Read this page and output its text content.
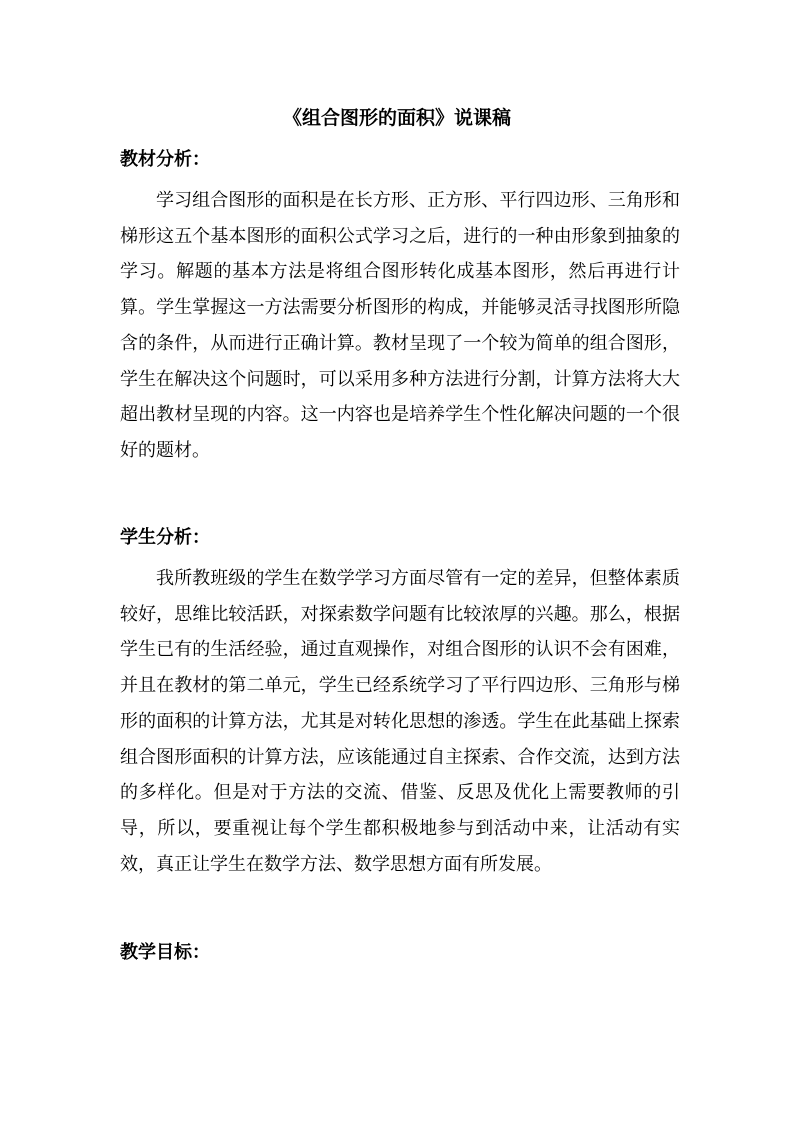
《组合图形的面积》说课稿
教材分析：

学习组合图形的面积是在长方形、正方形、平行四边形、三角形和梯形这五个基本图形的面积公式学习之后，进行的一种由形象到抽象的学习。解题的基本方法是将组合图形转化成基本图形，然后再进行计算。学生掌握这一方法需要分析图形的构成，并能够灵活寻找图形所隐含的条件，从而进行正确计算。教材呈现了一个较为简单的组合图形，学生在解决这个问题时，可以采用多种方法进行分割，计算方法将大大超出教材呈现的内容。这一内容也是培养学生个性化解决问题的一个很好的题材。

学生分析：

我所教班级的学生在数学学习方面尽管有一定的差异，但整体素质较好，思维比较活跃，对探索数学问题有比较浓厚的兴趣。那么，根据学生已有的生活经验，通过直观操作，对组合图形的认识不会有困难，并且在教材的第二单元，学生已经系统学习了平行四边形、三角形与梯形的面积的计算方法，尤其是对转化思想的渗透。学生在此基础上探索组合图形面积的计算方法，应该能通过自主探索、合作交流，达到方法的多样化。但是对于方法的交流、借鉴、反思及优化上需要教师的引导，所以，要重视让每个学生都积极地参与到活动中来，让活动有实效，真正让学生在数学方法、数学思想方面有所发展。

教学目标：
